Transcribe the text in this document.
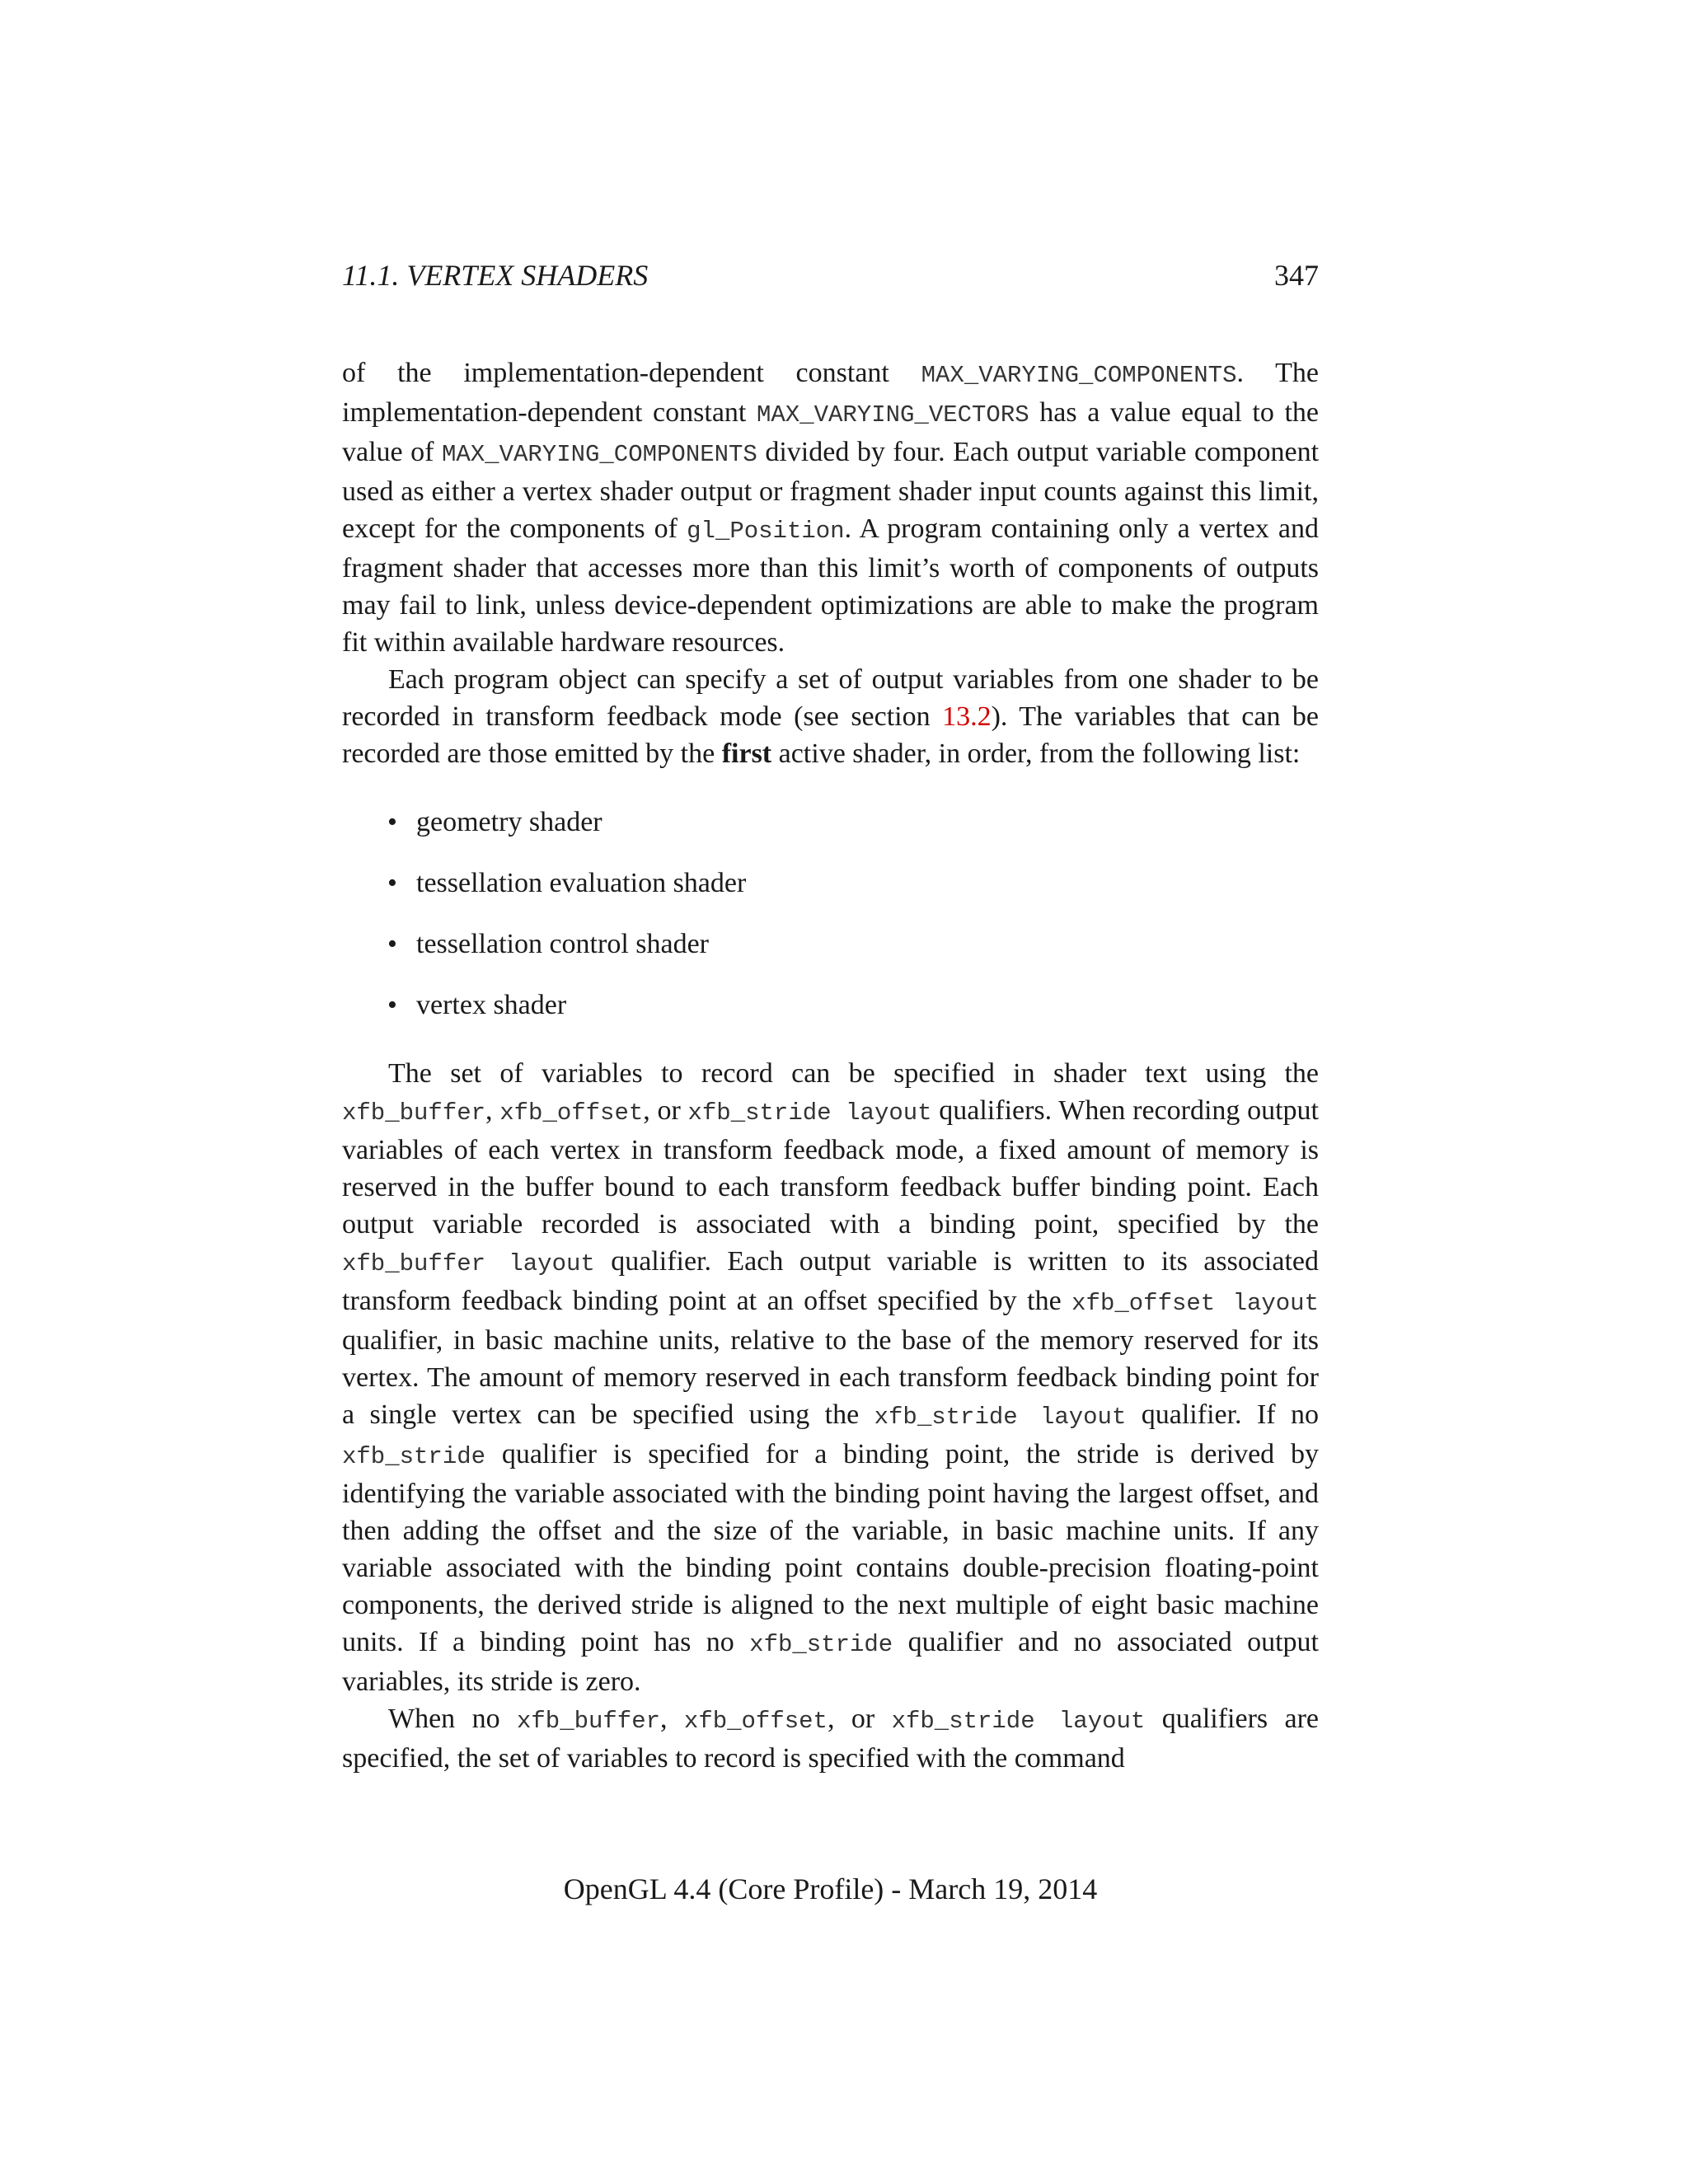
11.1. VERTEX SHADERS	347

of the implementation-dependent constant MAX_VARYING_COMPONENTS. The implementation-dependent constant MAX_VARYING_VECTORS has a value equal to the value of MAX_VARYING_COMPONENTS divided by four. Each output variable component used as either a vertex shader output or fragment shader input counts against this limit, except for the components of gl_Position. A program containing only a vertex and fragment shader that accesses more than this limit’s worth of components of outputs may fail to link, unless device-dependent optimizations are able to make the program fit within available hardware resources.

Each program object can specify a set of output variables from one shader to be recorded in transform feedback mode (see section 13.2). The variables that can be recorded are those emitted by the first active shader, in order, from the following list:

• geometry shader
• tessellation evaluation shader
• tessellation control shader
• vertex shader

The set of variables to record can be specified in shader text using the xfb_buffer, xfb_offset, or xfb_stride layout qualifiers. When recording output variables of each vertex in transform feedback mode, a fixed amount of memory is reserved in the buffer bound to each transform feedback buffer binding point. Each output variable recorded is associated with a binding point, specified by the xfb_buffer layout qualifier. Each output variable is written to its associated transform feedback binding point at an offset specified by the xfb_offset layout qualifier, in basic machine units, relative to the base of the memory reserved for its vertex. The amount of memory reserved in each transform feedback binding point for a single vertex can be specified using the xfb_stride layout qualifier. If no xfb_stride qualifier is specified for a binding point, the stride is derived by identifying the variable associated with the binding point having the largest offset, and then adding the offset and the size of the variable, in basic machine units. If any variable associated with the binding point contains double-precision floating-point components, the derived stride is aligned to the next multiple of eight basic machine units. If a binding point has no xfb_stride qualifier and no associated output variables, its stride is zero.

When no xfb_buffer, xfb_offset, or xfb_stride layout qualifiers are specified, the set of variables to record is specified with the command

OpenGL 4.4 (Core Profile) - March 19, 2014
